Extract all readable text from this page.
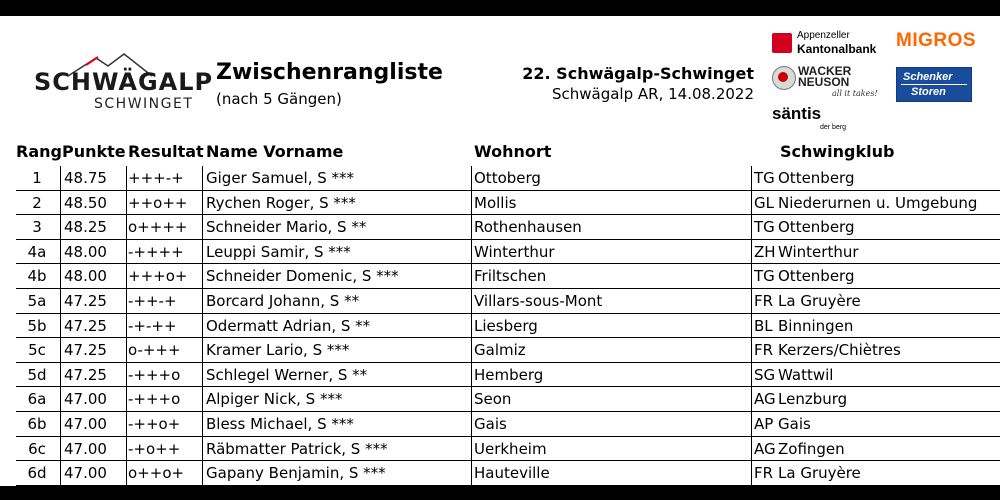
SCHWÄGALP
SCHWINGET
Zwischenrangliste
(nach 5 Gängen)
22. Schwägalp-Schwinget
Schwägalp AR, 14.08.2022
Appenzeller
Kantonalbank MIGROS
WACKER
NEUSON
all it takes!
Schenker
Storen
säntis
der berg
Rang Punkte Resultat Name Vorname	Wohnort	Schwingklub
1	48.75 +++-+ Giger Samuel, S ***	Ottoberg	TG Ottenberg
2	48.50 ++o++ Rychen Roger, S ***	Mollis	GL Niederurnen u. Umgebung
3	48.25 o++++ Schneider Mario, S **	Rothenhausen	TG Ottenberg
4a	48.00 -++++ Leuppi Samir, S ***	Winterthur	ZH Winterthur
4b	48.00 +++o+ Schneider Domenic, S ***	Friltschen	TG Ottenberg
5a	47.25 -++-+ Borcard Johann, S **	Villars-sous-Mont	FR La Gruyère
5b	47.25 -+-++ Odermatt Adrian, S **	Liesberg	BL Binningen
5c	47.25 o-+++ Kramer Lario, S ***	Galmiz	FR Kerzers/Chiètres
5d	47.25 -+++o Schlegel Werner, S **	Hemberg	SG Wattwil
6a	47.00 -+++o Alpiger Nick, S ***	Seon	AG Lenzburg
6b	47.00 -++o+ Bless Michael, S ***	Gais	AP Gais
6c	47.00 -+o++ Räbmatter Patrick, S ***	Uerkheim	AG Zofingen
6d	47.00 o++o+ Gapany Benjamin, S ***	Hauteville	FR La Gruyère
